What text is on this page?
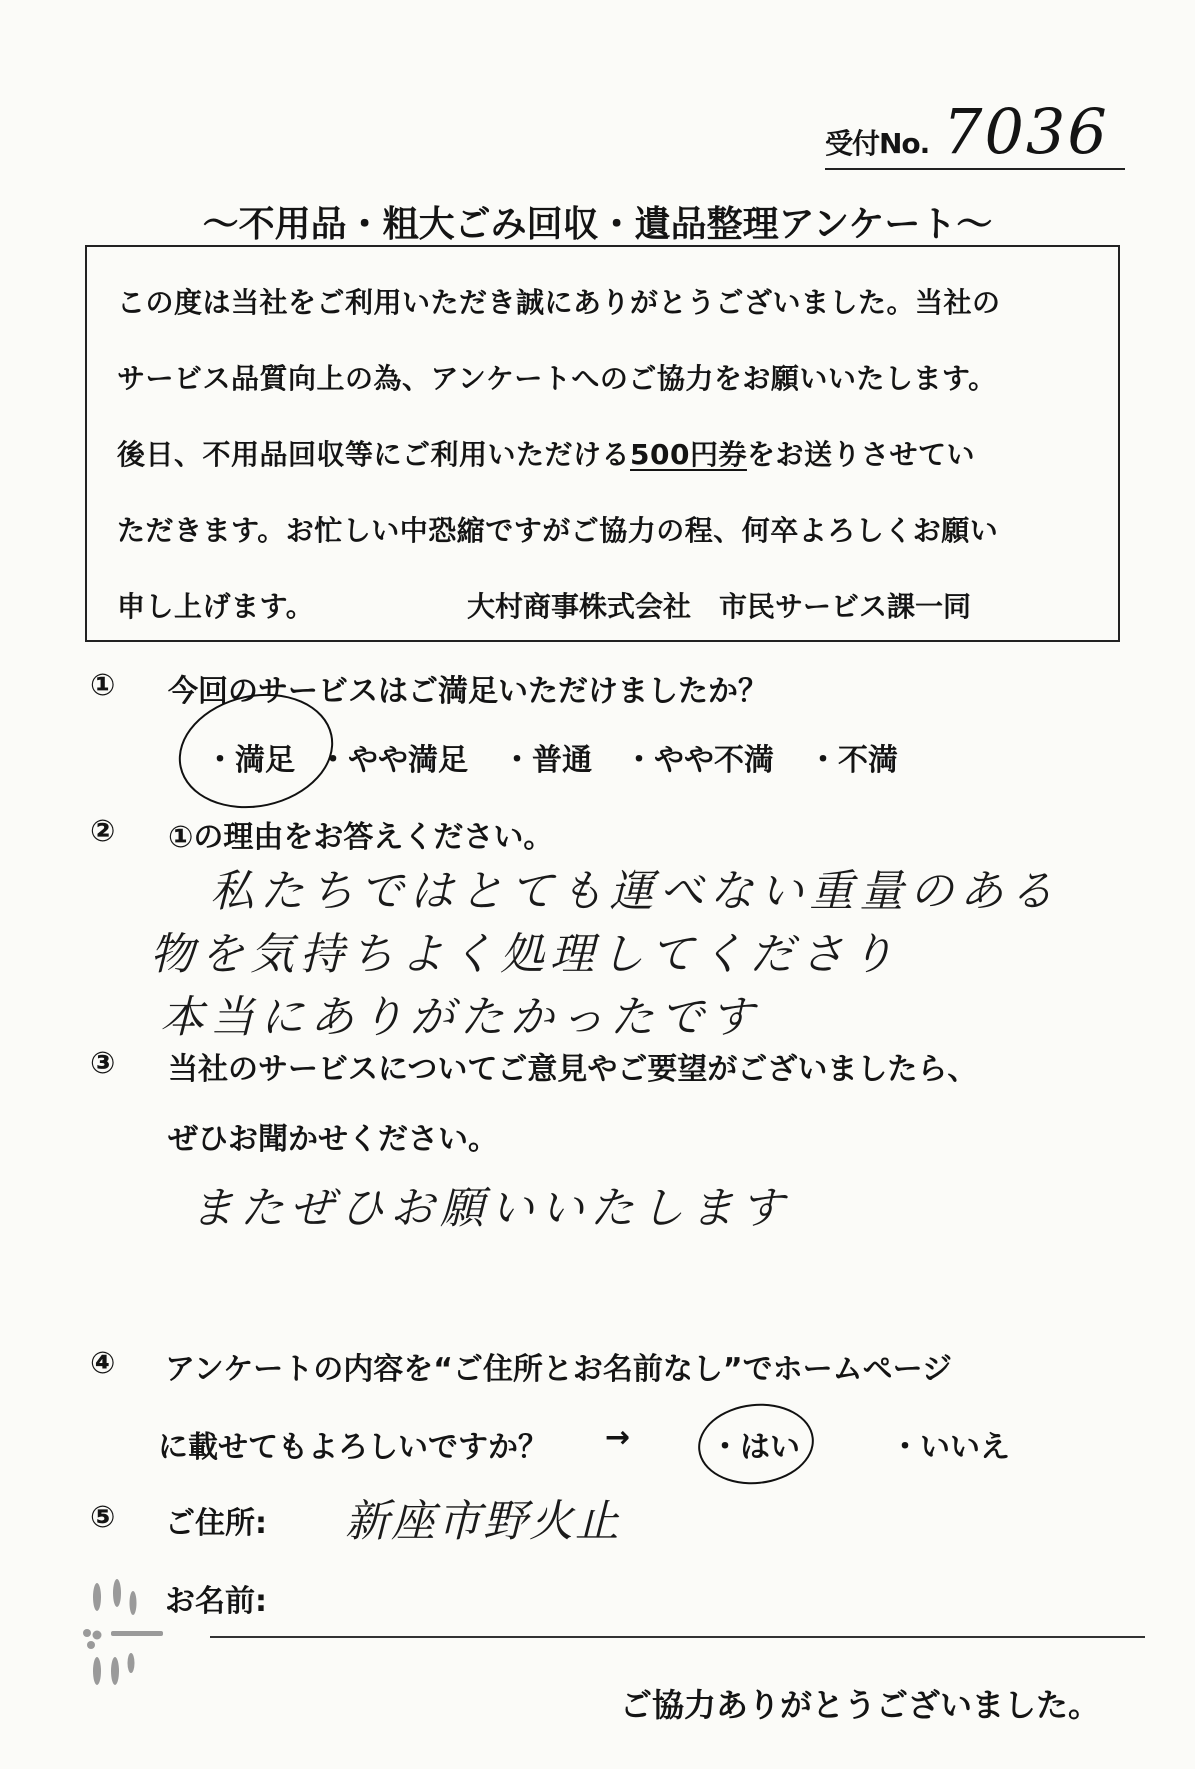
受付No. 7036
～不用品・粗大ごみ回収・遺品整理アンケート～
この度は当社をご利用いただき誠にありがとうございました。当社の
サービス品質向上の為、アンケートへのご協力をお願いいたします。
後日、不用品回収等にご利用いただける500円券をお送りさせてい
ただきます。お忙しい中恐縮ですがご協力の程、何卒よろしくお願い
申し上げます。	大村商事株式会社　市民サービス課一同
① 今回のサービスはご満足いただけましたか？
・満足 ・やや満足 ・普通 ・やや不満 ・不満
② ①の理由をお答えください。
私たちではとても運べない重量のある
物を気持ちよく処理してくださり
本当にありがたかったです
③ 当社のサービスについてご意見やご要望がございましたら、
ぜひお聞かせください。
またぜひお願いいたします
④ アンケートの内容を“ご住所とお名前なし”でホームページ
に載せてもよろしいですか？ →	・はい	・いいえ
⑤ ご住所: 新座市野火止
お名前:
ご協力ありがとうございました。
